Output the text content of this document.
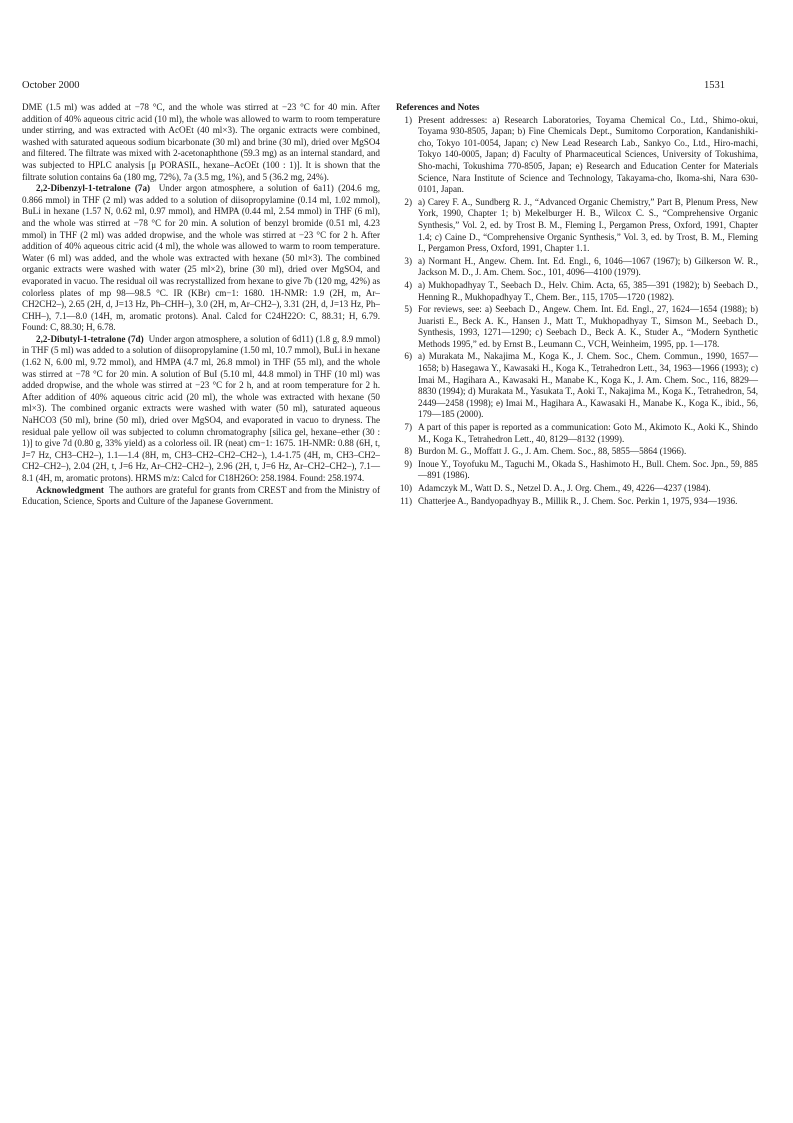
October 2000	1531

DME (1.5 ml) was added at −78 °C, and the whole was stirred at −23 °C for 40 min. After addition of 40% aqueous citric acid (10 ml), the whole was allowed to warm to room temperature under stirring, and was extracted with AcOEt (40 ml×3). The organic extracts were combined, washed with saturated aqueous sodium bicarbonate (30 ml) and brine (30 ml), dried over MgSO4 and filtered. The filtrate was mixed with 2-acetonaphthone (59.3 mg) as an internal standard, and was subjected to HPLC analysis [μ PORASIL, hexane–AcOEt (100 : 1)]. It is shown that the filtrate solution contains 6a (180 mg, 72%), 7a (3.5 mg, 1%), and 5 (36.2 mg, 24%).

2,2-Dibenzyl-1-tetralone (7a) Under argon atmosphere, a solution of 6a11) (204.6 mg, 0.866 mmol) in THF (2 ml) was added to a solution of diisopropylamine (0.14 ml, 1.02 mmol), BuLi in hexane (1.57 N, 0.62 ml, 0.97 mmol), and HMPA (0.44 ml, 2.54 mmol) in THF (6 ml), and the whole was stirred at −78 °C for 20 min. A solution of benzyl bromide (0.51 ml, 4.23 mmol) in THF (2 ml) was added dropwise, and the whole was stirred at −23 °C for 2 h. After addition of 40% aqueous citric acid (4 ml), the whole was allowed to warm to room temperature. Water (6 ml) was added, and the whole was extracted with hexane (50 ml×3). The combined organic extracts were washed with water (25 ml×2), brine (30 ml), dried over MgSO4, and evaporated in vacuo. The residual oil was recrystallized from hexane to give 7b (120 mg, 42%) as colorless plates of mp 98—98.5 °C. IR (KBr) cm−1: 1680. 1H-NMR: 1.9 (2H, m, Ar–CH2CH2–), 2.65 (2H, d, J=13 Hz, Ph–CHH–), 3.0 (2H, m, Ar–CH2–), 3.31 (2H, d, J=13 Hz, Ph–CHH–), 7.1—8.0 (14H, m, aromatic protons). Anal. Calcd for C24H22O: C, 88.31; H, 6.79. Found: C, 88.30; H, 6.78.

2,2-Dibutyl-1-tetralone (7d) Under argon atmosphere, a solution of 6d11) (1.8 g, 8.9 mmol) in THF (5 ml) was added to a solution of diisopropylamine (1.50 ml, 10.7 mmol), BuLi in hexane (1.62 N, 6.00 ml, 9.72 mmol), and HMPA (4.7 ml, 26.8 mmol) in THF (55 ml), and the whole was stirred at −78 °C for 20 min. A solution of BuI (5.10 ml, 44.8 mmol) in THF (10 ml) was added dropwise, and the whole was stirred at −23 °C for 2 h, and at room temperature for 2 h. After addition of 40% aqueous citric acid (20 ml), the whole was extracted with hexane (50 ml×3). The combined organic extracts were washed with water (50 ml), saturated aqueous NaHCO3 (50 ml), brine (50 ml), dried over MgSO4, and evaporated in vacuo to dryness. The residual pale yellow oil was subjected to column chromatography [silica gel, hexane–ether (30 : 1)] to give 7d (0.80 g, 33% yield) as a colorless oil. IR (neat) cm−1: 1675. 1H-NMR: 0.88 (6H, t, J=7 Hz, CH3–CH2–), 1.1—1.4 (8H, m, CH3–CH2–CH2–CH2–), 1.4-1.75 (4H, m, CH3–CH2–CH2–CH2–), 2.04 (2H, t, J=6 Hz, Ar–CH2–CH2–), 2.96 (2H, t, J=6 Hz, Ar–CH2–CH2–), 7.1—8.1 (4H, m, aromatic protons). HRMS m/z: Calcd for C18H26O: 258.1984. Found: 258.1974.

Acknowledgment The authors are grateful for grants from CREST and from the Ministry of Education, Science, Sports and Culture of the Japanese Government.

References and Notes
1) Present addresses: a) Research Laboratories, Toyama Chemical Co., Ltd., Shimo-okui, Toyama 930-8505, Japan; b) Fine Chemicals Dept., Sumitomo Corporation, Kandanishiki-cho, Tokyo 101-0054, Japan; c) New Lead Research Lab., Sankyo Co., Ltd., Hiro-machi, Tokyo 140-0005, Japan; d) Faculty of Pharmaceutical Sciences, University of Tokushima, Sho-machi, Tokushima 770-8505, Japan; e) Research and Education Center for Materials Science, Nara Institute of Science and Technology, Takayama-cho, Ikoma-shi, Nara 630-0101, Japan.
2) a) Carey F. A., Sundberg R. J., “Advanced Organic Chemistry,” Part B, Plenum Press, New York, 1990, Chapter 1; b) Mekelburger H. B., Wilcox C. S., “Comprehensive Organic Synthesis,” Vol. 2, ed. by Trost B. M., Fleming I., Pergamon Press, Oxford, 1991, Chapter 1.4; c) Caine D., “Comprehensive Organic Synthesis,” Vol. 3, ed. by Trost, B. M., Fleming I., Pergamon Press, Oxford, 1991, Chapter 1.1.
3) a) Normant H., Angew. Chem. Int. Ed. Engl., 6, 1046—1067 (1967); b) Gilkerson W. R., Jackson M. D., J. Am. Chem. Soc., 101, 4096—4100 (1979).
4) a) Mukhopadhyay T., Seebach D., Helv. Chim. Acta, 65, 385—391 (1982); b) Seebach D., Henning R., Mukhopadhyay T., Chem. Ber., 115, 1705—1720 (1982).
5) For reviews, see: a) Seebach D., Angew. Chem. Int. Ed. Engl., 27, 1624—1654 (1988); b) Juaristi E., Beck A. K., Hansen J., Matt T., Mukhopadhyay T., Simson M., Seebach D., Synthesis, 1993, 1271—1290; c) Seebach D., Beck A. K., Studer A., “Modern Synthetic Methods 1995,” ed. by Ernst B., Leumann C., VCH, Weinheim, 1995, pp. 1—178.
6) a) Murakata M., Nakajima M., Koga K., J. Chem. Soc., Chem. Commun., 1990, 1657—1658; b) Hasegawa Y., Kawasaki H., Koga K., Tetrahedron Lett., 34, 1963—1966 (1993); c) Imai M., Hagihara A., Kawasaki H., Manabe K., Koga K., J. Am. Chem. Soc., 116, 8829—8830 (1994); d) Murakata M., Yasukata T., Aoki T., Nakajima M., Koga K., Tetrahedron, 54, 2449—2458 (1998); e) Imai M., Hagihara A., Kawasaki H., Manabe K., Koga K., ibid., 56, 179—185 (2000).
7) A part of this paper is reported as a communication: Goto M., Akimoto K., Aoki K., Shindo M., Koga K., Tetrahedron Lett., 40, 8129—8132 (1999).
8) Burdon M. G., Moffatt J. G., J. Am. Chem. Soc., 88, 5855—5864 (1966).
9) Inoue Y., Toyofuku M., Taguchi M., Okada S., Hashimoto H., Bull. Chem. Soc. Jpn., 59, 885—891 (1986).
10) Adamczyk M., Watt D. S., Netzel D. A., J. Org. Chem., 49, 4226—4237 (1984).
11) Chatterjee A., Bandyopadhyay B., Millik R., J. Chem. Soc. Perkin 1, 1975, 934—1936.
